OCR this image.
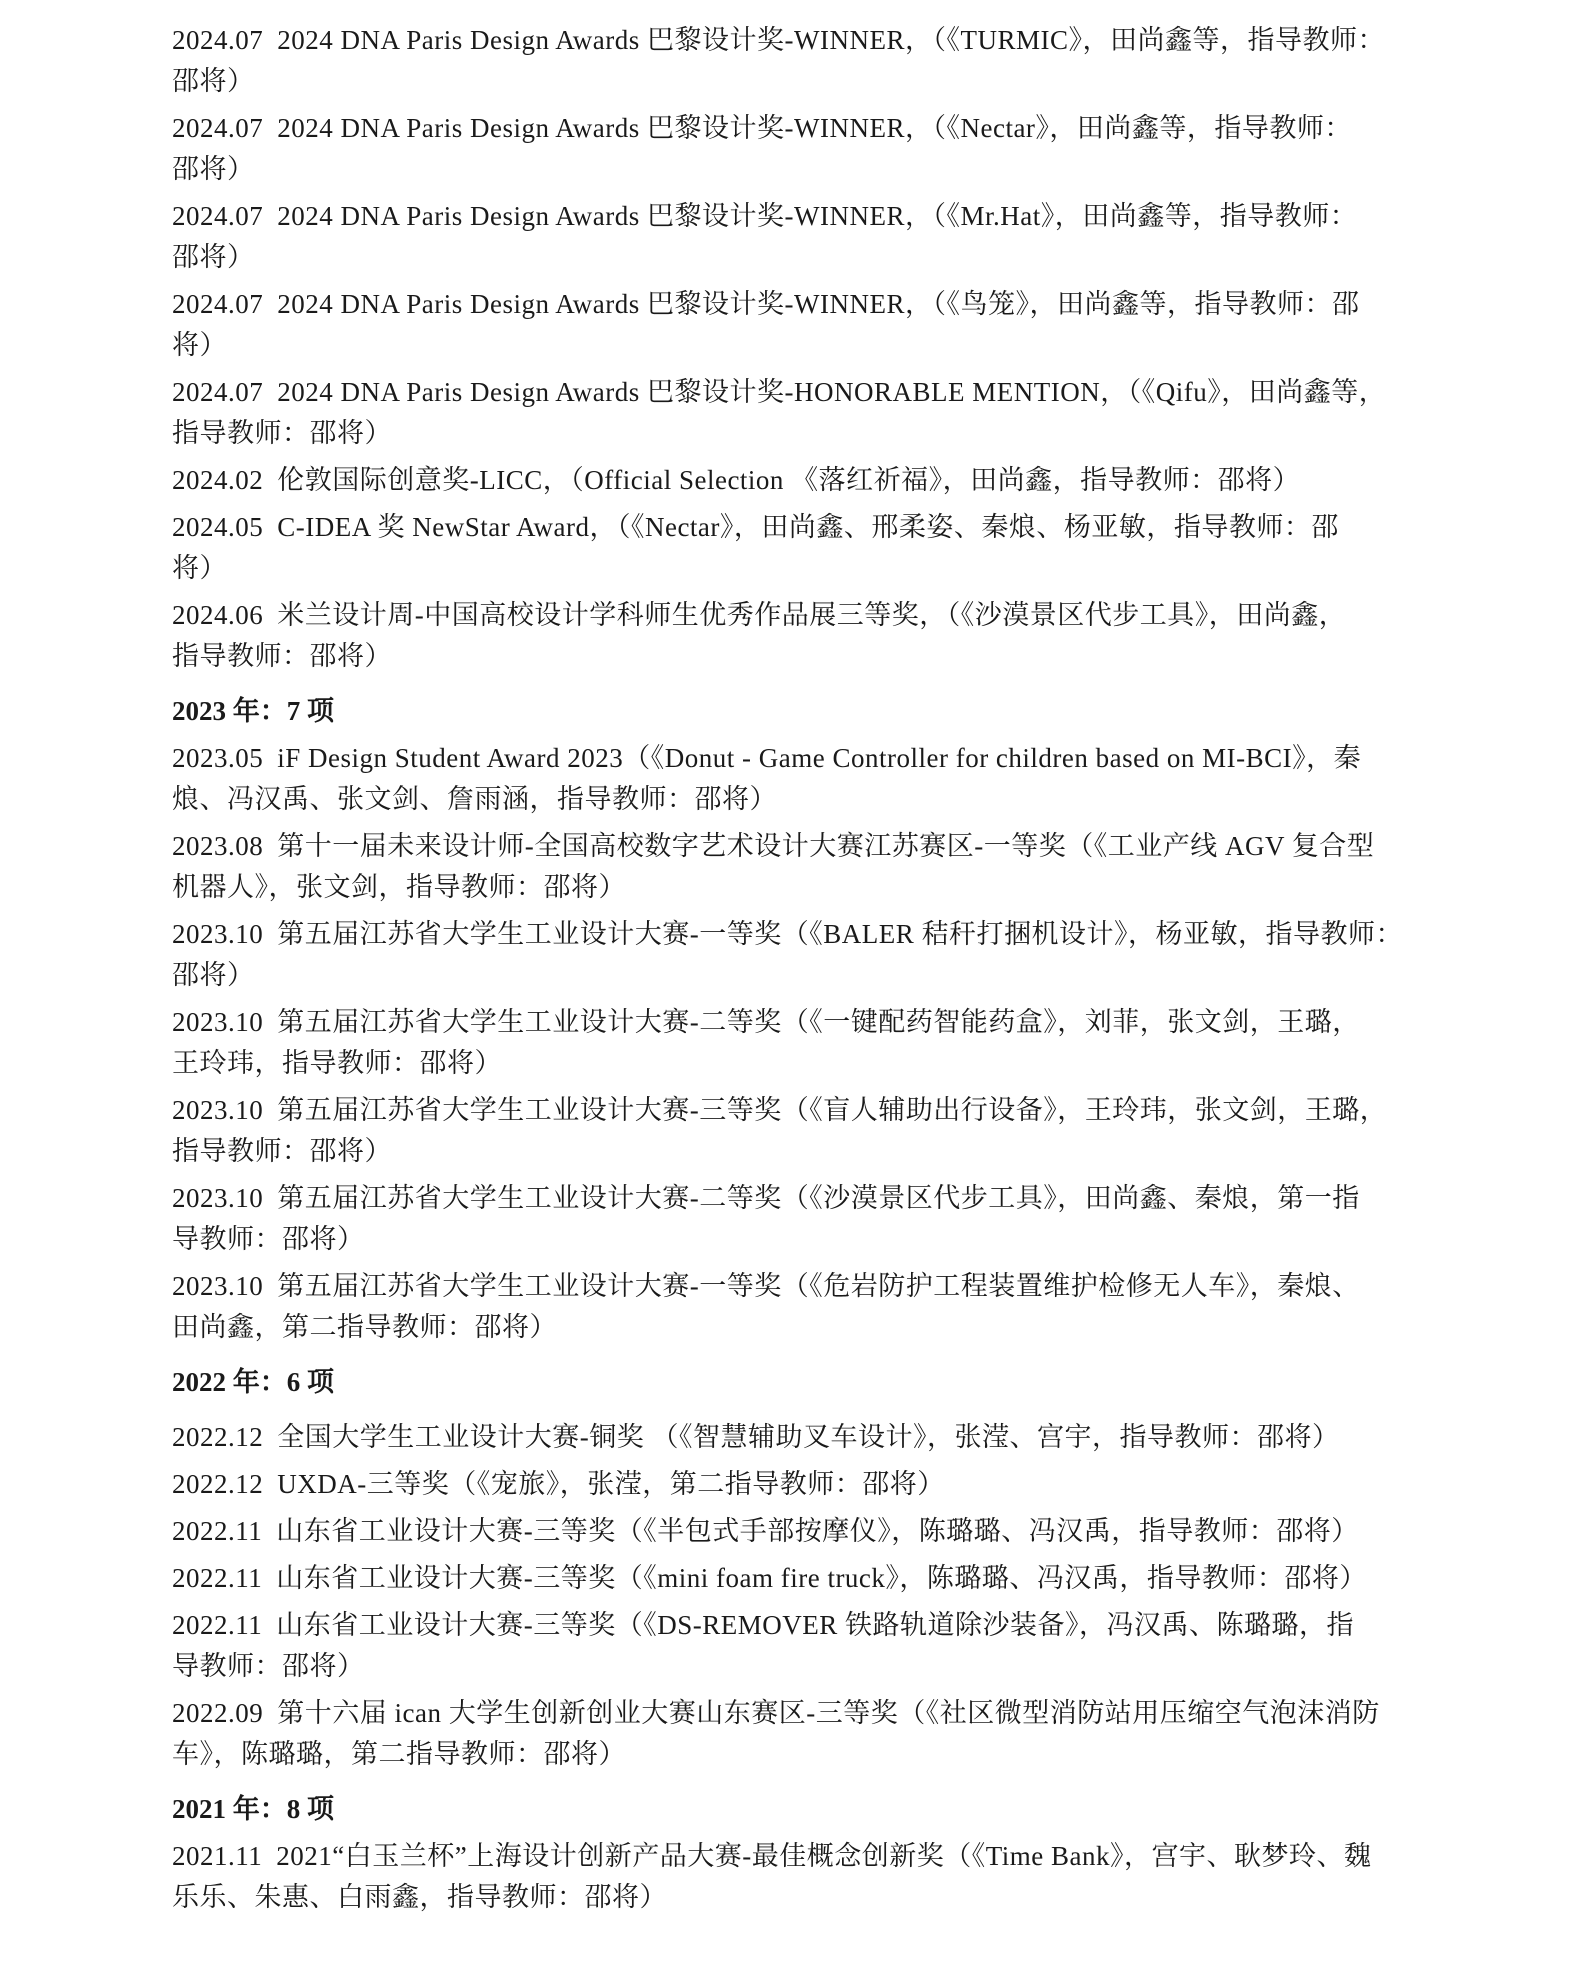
2024.07 2024 DNA Paris Design Awards 巴黎设计奖-WINNER，（《TURMIC》，田尚鑫等，指导教师：
邵将）
2024.07 2024 DNA Paris Design Awards 巴黎设计奖-WINNER，（《Nectar》，田尚鑫等，指导教师：
邵将）
2024.07 2024 DNA Paris Design Awards 巴黎设计奖-WINNER，（《Mr.Hat》，田尚鑫等，指导教师：
邵将）
2024.07 2024 DNA Paris Design Awards 巴黎设计奖-WINNER，（《鸟笼》，田尚鑫等，指导教师：邵
将）
2024.07 2024 DNA Paris Design Awards 巴黎设计奖-HONORABLE MENTION，（《Qifu》，田尚鑫等，
指导教师：邵将）
2024.02 伦敦国际创意奖-LICC，（Official Selection 《落红祈福》，田尚鑫，指导教师：邵将）
2024.05 C-IDEA 奖 NewStar Award，（《Nectar》，田尚鑫、邢柔姿、秦烺、杨亚敏，指导教师：邵
将）
2024.06 米兰设计周-中国高校设计学科师生优秀作品展三等奖，（《沙漠景区代步工具》，田尚鑫，
指导教师：邵将）
2023 年：7 项
2023.05 iF Design Student Award 2023（《Donut - Game Controller for children based on MI-BCI》，秦
烺、冯汉禹、张文剑、詹雨涵，指导教师：邵将）
2023.08 第十一届未来设计师-全国高校数字艺术设计大赛江苏赛区-一等奖（《工业产线 AGV 复合型
机器人》，张文剑，指导教师：邵将）
2023.10 第五届江苏省大学生工业设计大赛-一等奖（《BALER 秸秆打捆机设计》，杨亚敏，指导教师：
邵将）
2023.10 第五届江苏省大学生工业设计大赛-二等奖（《一键配药智能药盒》，刘菲，张文剑，王璐，
王玲玮，指导教师：邵将）
2023.10 第五届江苏省大学生工业设计大赛-三等奖（《盲人辅助出行设备》，王玲玮，张文剑，王璐，
指导教师：邵将）
2023.10 第五届江苏省大学生工业设计大赛-二等奖（《沙漠景区代步工具》，田尚鑫、秦烺，第一指
导教师：邵将）
2023.10 第五届江苏省大学生工业设计大赛-一等奖（《危岩防护工程装置维护检修无人车》，秦烺、
田尚鑫，第二指导教师：邵将）
2022 年：6 项
2022.12 全国大学生工业设计大赛-铜奖 （《智慧辅助叉车设计》，张滢、宫宇，指导教师：邵将）
2022.12 UXDA-三等奖（《宠旅》，张滢，第二指导教师：邵将）
2022.11 山东省工业设计大赛-三等奖（《半包式手部按摩仪》，陈璐璐、冯汉禹，指导教师：邵将）
2022.11 山东省工业设计大赛-三等奖（《mini foam fire truck》，陈璐璐、冯汉禹，指导教师：邵将）
2022.11 山东省工业设计大赛-三等奖（《DS-REMOVER 铁路轨道除沙装备》，冯汉禹、陈璐璐，指
导教师：邵将）
2022.09 第十六届 ican 大学生创新创业大赛山东赛区-三等奖（《社区微型消防站用压缩空气泡沫消防
车》，陈璐璐，第二指导教师：邵将）
2021 年：8 项
2021.11 2021“白玉兰杯”上海设计创新产品大赛-最佳概念创新奖（《Time Bank》，宫宇、耿梦玲、魏
乐乐、朱惠、白雨鑫，指导教师：邵将）
